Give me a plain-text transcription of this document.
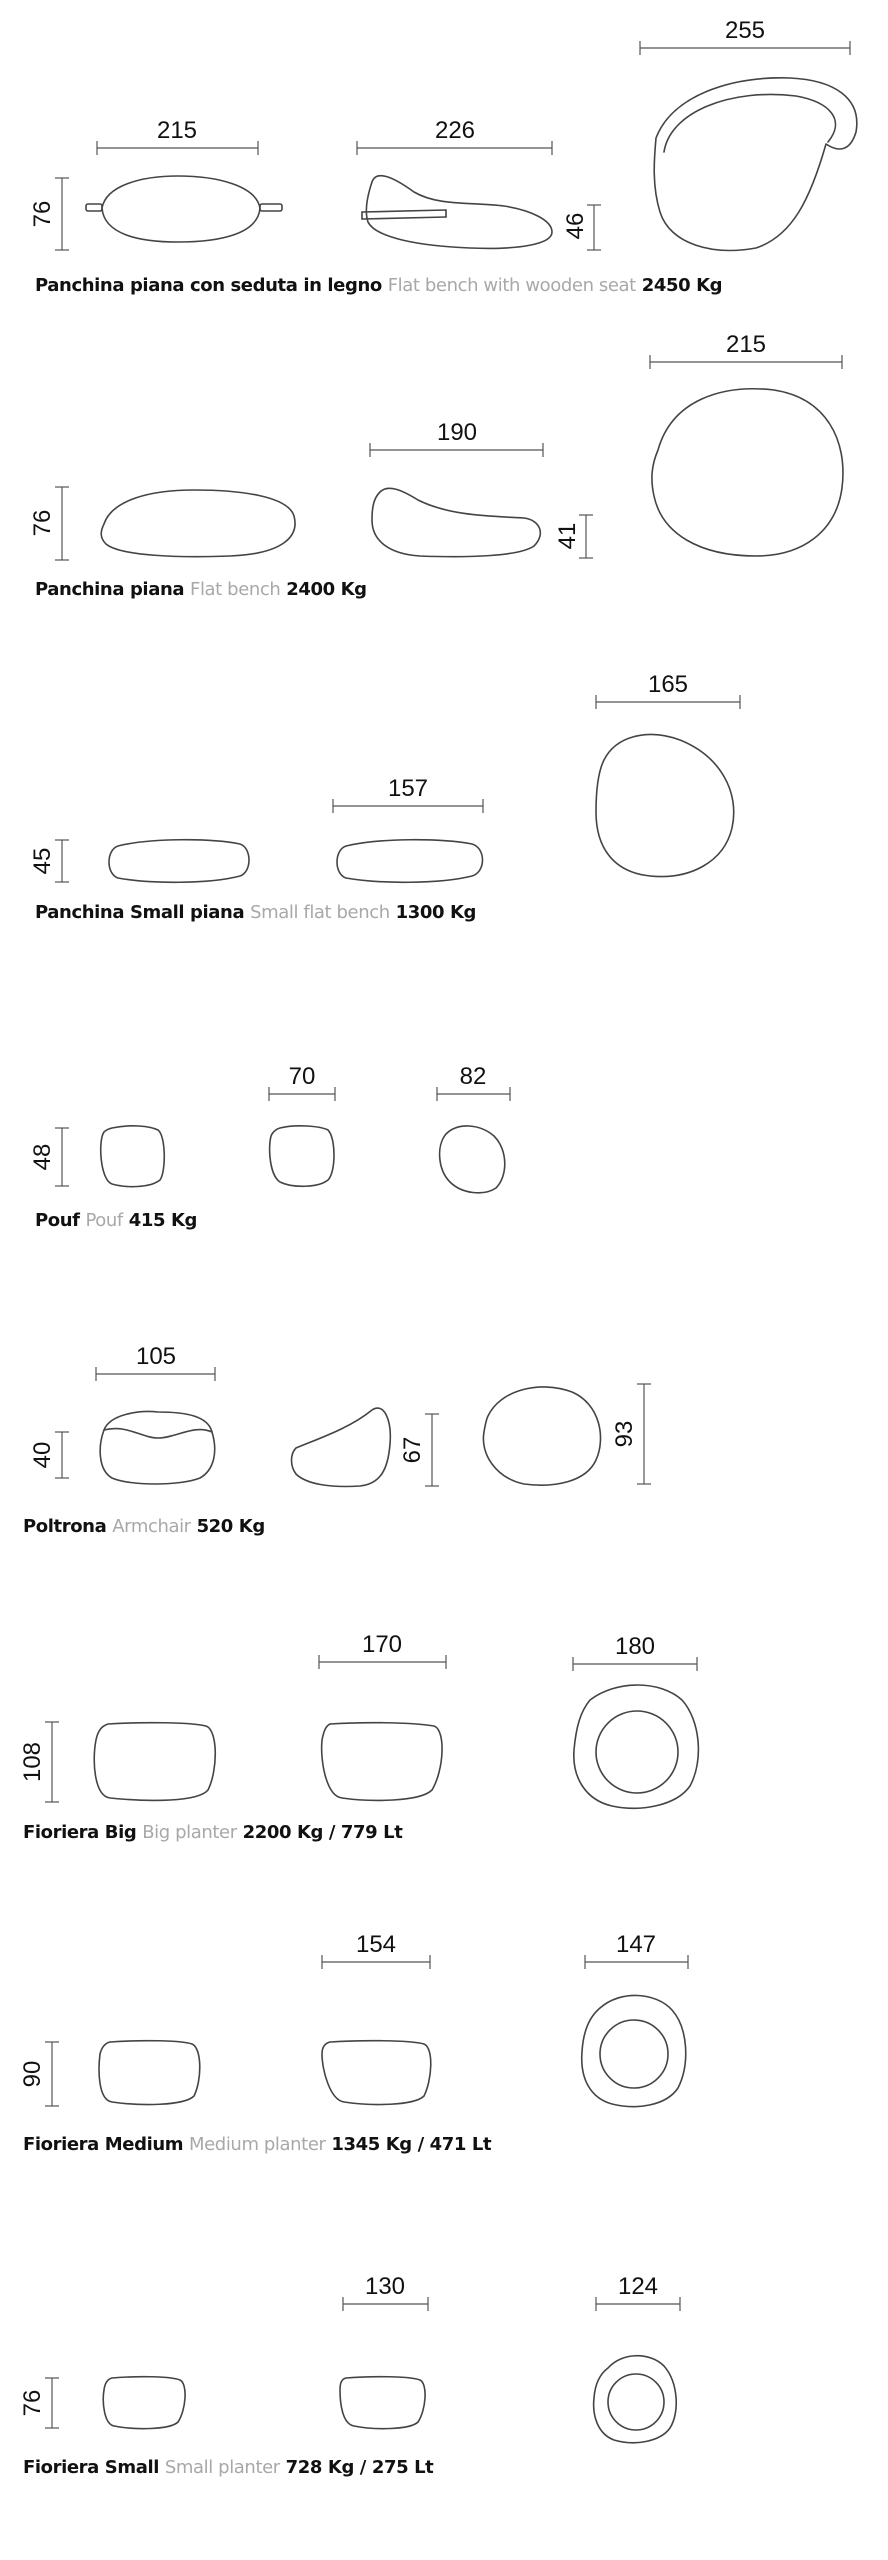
215	226
76	46
255
76
190
41
215
45
157
165
48
70	82
105
40	67
93
108
170	180
90
154	147
76
130	124
Panchina piana con seduta in legno Flat bench with wooden seat 2450 Kg
Panchina piana Flat bench 2400 Kg
Panchina Small piana Small flat bench 1300 Kg
Pouf Pouf 415 Kg
Poltrona Armchair 520 Kg
Fioriera Big Big planter 2200 Kg / 779 Lt
Fioriera Medium Medium planter 1345 Kg / 471 Lt
Fioriera Small Small planter 728 Kg / 275 Lt
